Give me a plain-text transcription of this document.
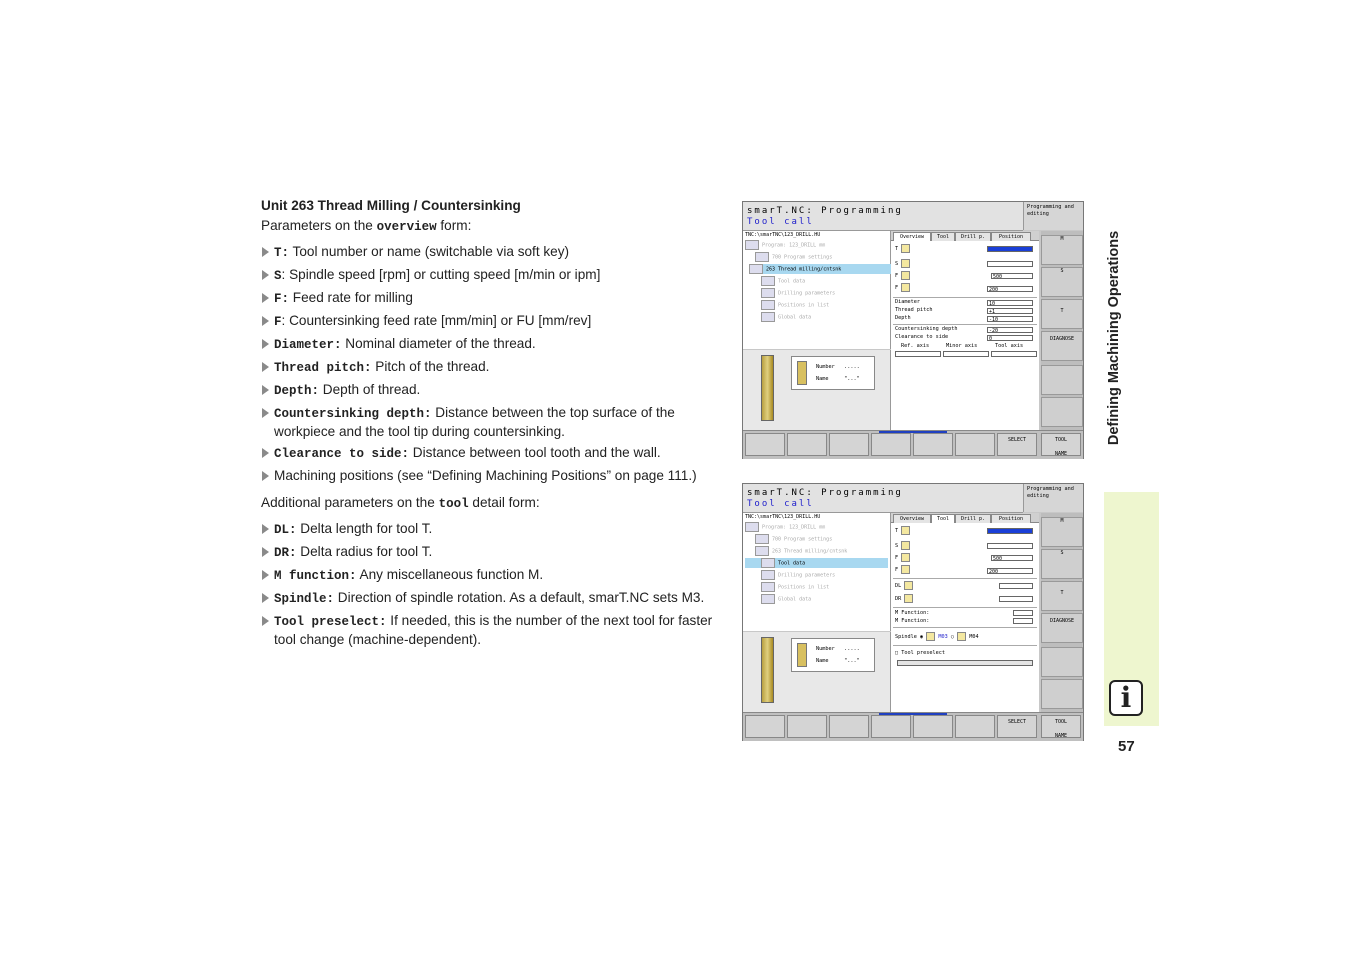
Unit 263 Thread Milling / Countersinking
Parameters on the overview form:
T: Tool number or name (switchable via soft key)
S: Spindle speed [rpm] or cutting speed [m/min or ipm]
F: Feed rate for milling
F: Countersinking feed rate [mm/min] or FU [mm/rev]
Diameter: Nominal diameter of the thread.
Thread pitch: Pitch of the thread.
Depth: Depth of thread.
Countersinking depth: Distance between the top surface of the workpiece and the tool tip during countersinking.
Clearance to side: Distance between tool tooth and the wall.
Machining positions (see “Defining Machining Positions” on page 111.)
Additional parameters on the tool detail form:
DL: Delta length for tool T.
DR: Delta radius for tool T.
M function: Any miscellaneous function M.
Spindle: Direction of spindle rotation. As a default, smarT.NC sets M3.
Tool preselect: If needed, this is the number of the next tool for faster tool change (machine-dependent).
Defining Machining Operations
i
57
smarT.NC: Programming
Tool call
Programming and editing
TNC:\smarTNC\123_DRILL.HU
Program: 123_DRILL mm
700 Program settings
263 Thread milling/cntsnk
Tool data
Drilling parameters
Positions in list
Global data
Number .....
Name	"..."
Overview	Tool	Drill p.	Position
T
S
F	500
F	200
Diameter	10
Thread pitch	+1
Depth	-10
Countersinking depth	-20
Clearance to side	0
Ref. axis	Minor axis	Tool axis
M
S
T
DIAGNOSE
SELECT	TOOL

NAME
smarT.NC: Programming
Tool call
Programming and editing
TNC:\smarTNC\123_DRILL.HU
Program: 123_DRILL mm
700 Program settings
263 Thread milling/cntsnk
Tool data
Drilling parameters
Positions in list
Global data
Number .....
Name	"..."
Overview	Tool	Drill p.	Position
T
S
F	500
F	200
DL
DR
M Function:
M Function:
Spindle ◉  M03 ○  M04
□ Tool preselect
M
S
T
DIAGNOSE
SELECT	TOOL

NAME
